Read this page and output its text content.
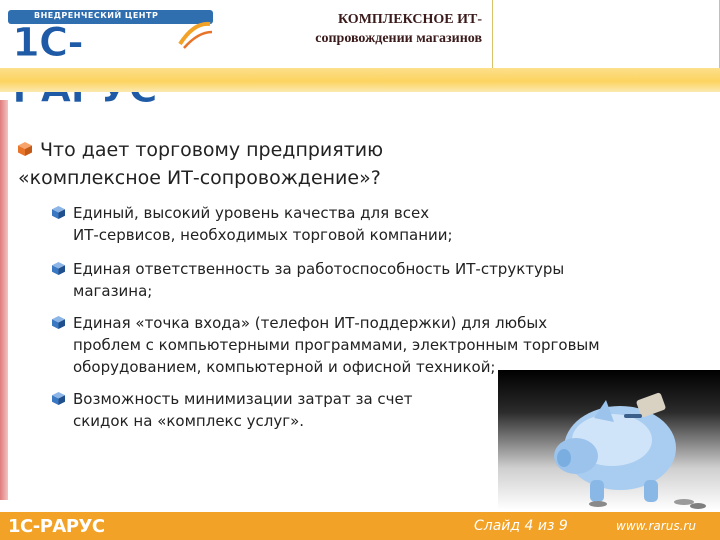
ВНЕДРЕНЧЕСКИЙ ЦЕНТР
1С-
КОМПЛЕКСНОЕ ИТ-
сопровождении магазинов
Что дает торговому предприятию
«комплексное ИТ-сопровождение»?
Единый, высокий уровень качества для всех
ИТ-сервисов, необходимых торговой компании;
Единая ответственность за работоспособность ИТ-структуры
магазина;
Единая «точка входа» (телефон ИТ-поддержки) для любых
проблем с компьютерными программами, электронным торговым
оборудованием, компьютерной и офисной техникой;
Возможность минимизации затрат за счет
скидок на «комплекс услуг».
1С-РАРУС	Слайд 4 из 9	www.rarus.ru
